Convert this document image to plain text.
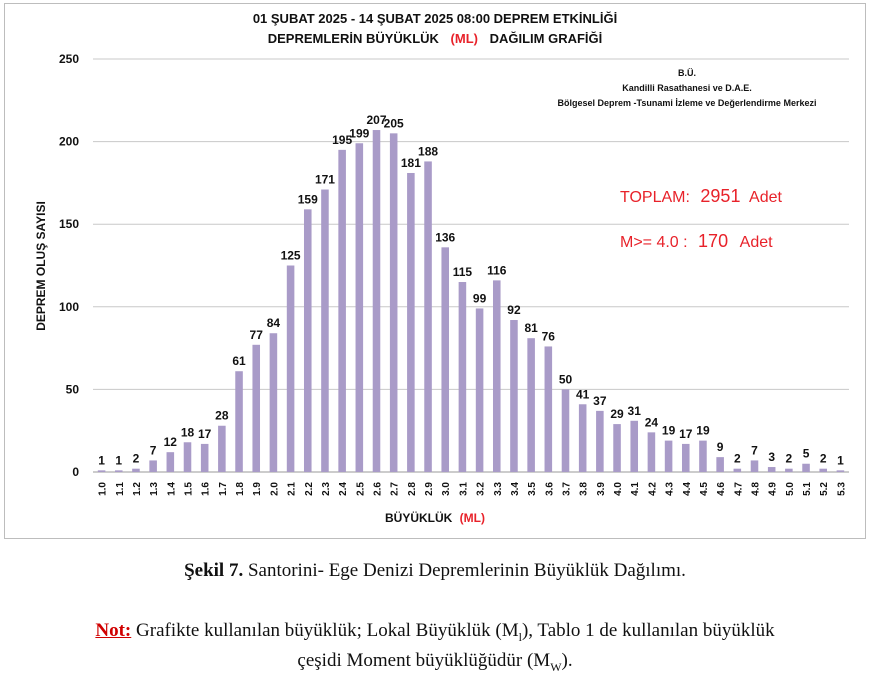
1 1 2
7
12
18 17
28
61
77
84
125
159
171
195
199
207
205
181
188
136
115
99
116
92
81
76
50
41 37
29 31
24
19 17 19
9
2
7 3 2 5 2 1
1.0 1.1 1.2 1.3 1.4 1.5 1.6 1.7 1.8 1.9 2.0 2.1 2.2 2.3 2.4 2.5 2.6 2.7 2.8 2.9 3.0 3.1 3.2 3.3 3.4 3.5 3.6 3.7 3.8 3.9 4.0 4.1 4.2 4.3 4.4 4.5 4.6 4.7 4.8 4.9 5.0 5.1 5.2 5.3
0
50
100
150
200
250
01 ŞUBAT 2025 - 14 ŞUBAT 2025 08:00 DEPREM ETKİNLİĞİ
DEPREMLERİN BÜYÜKLÜK (ML) DAĞILIM GRAFİĞİ
DEPREM OLUŞ SAYISI
BÜYÜKLÜK (ML)
B.Ü.
Kandilli Rasathanesi ve D.A.E.
Bölgesel Deprem -Tsunami İzleme ve Değerlendirme Merkezi
TOPLAM: 2951 Adet
M>= 4.0 : 170 Adet
Şekil 7. Santorini- Ege Denizi Depremlerinin Büyüklük Dağılımı.
Not: Grafikte kullanılan büyüklük; Lokal Büyüklük $(M_l)$, Tablo 1 de kullanılan büyüklük
çeşidi Moment büyüklüğüdür $(M_W)$.
